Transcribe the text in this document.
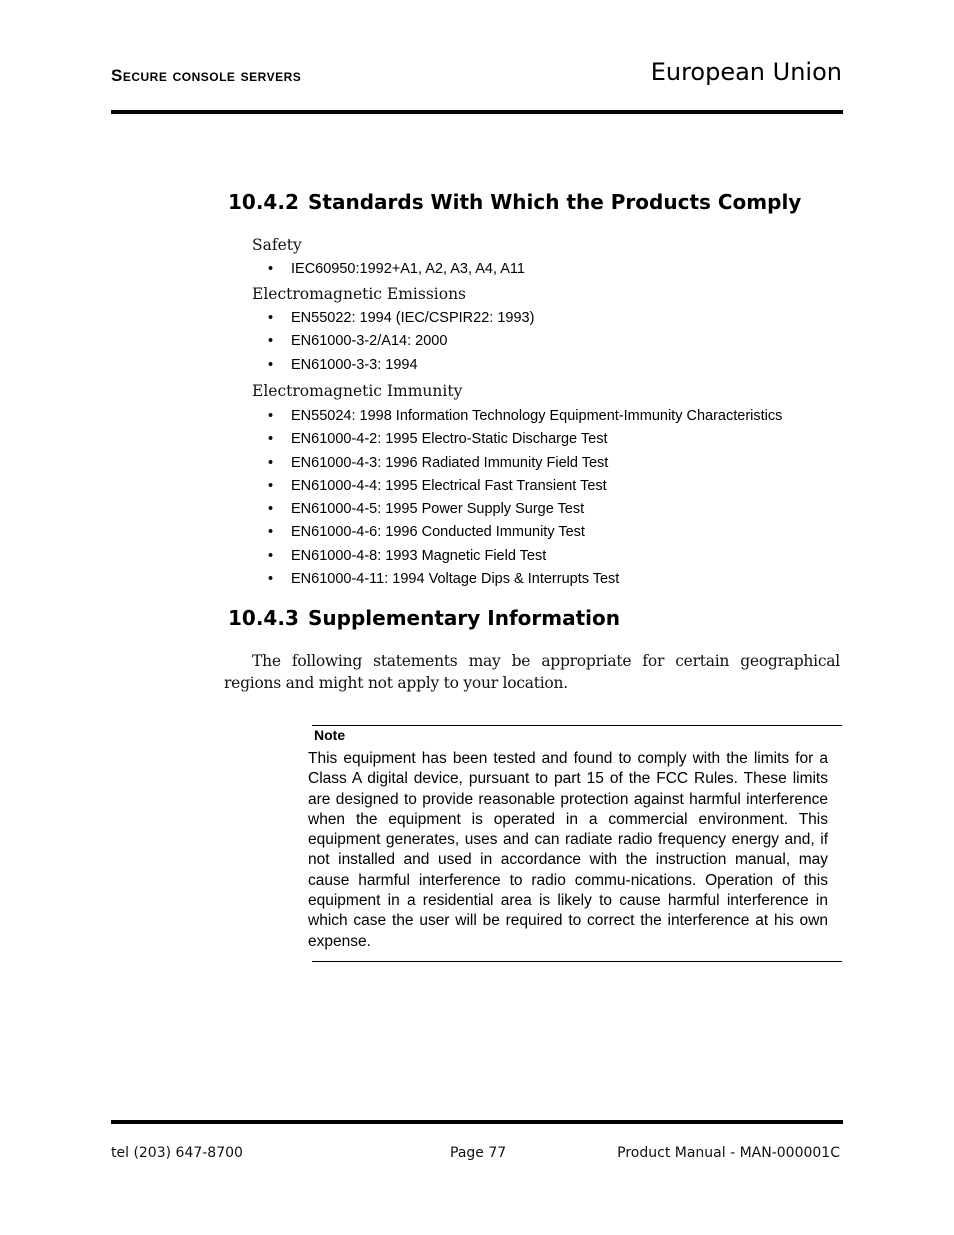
Secure console servers	European Union
10.4.2 Standards With Which the Products Comply
Safety
• IEC60950:1992+A1, A2, A3, A4, A11
Electromagnetic Emissions
• EN55022: 1994 (IEC/CSPIR22: 1993)
• EN61000-3-2/A14: 2000
• EN61000-3-3: 1994
Electromagnetic Immunity
• EN55024: 1998 Information Technology Equipment-Immunity Characteristics
• EN61000-4-2: 1995 Electro-Static Discharge Test
• EN61000-4-3: 1996 Radiated Immunity Field Test
• EN61000-4-4: 1995 Electrical Fast Transient Test
• EN61000-4-5: 1995 Power Supply Surge Test
• EN61000-4-6: 1996 Conducted Immunity Test
• EN61000-4-8: 1993 Magnetic Field Test
• EN61000-4-11: 1994 Voltage Dips & Interrupts Test
10.4.3 Supplementary Information
The following statements may be appropriate for certain geographical regions and might not apply to your location.
Note
This equipment has been tested and found to comply with the limits for a Class A digital device, pursuant to part 15 of the FCC Rules. These limits are designed to provide reasonable protection against harmful interference when the equipment is operated in a commercial environment. This equipment generates, uses and can radiate radio frequency energy and, if not installed and used in accordance with the instruction manual, may cause harmful interference to radio commu-nications. Operation of this equipment in a residential area is likely to cause harmful interference in which case the user will be required to correct the interference at his own expense.
tel (203) 647-8700	Page 77	Product Manual - MAN-000001C
